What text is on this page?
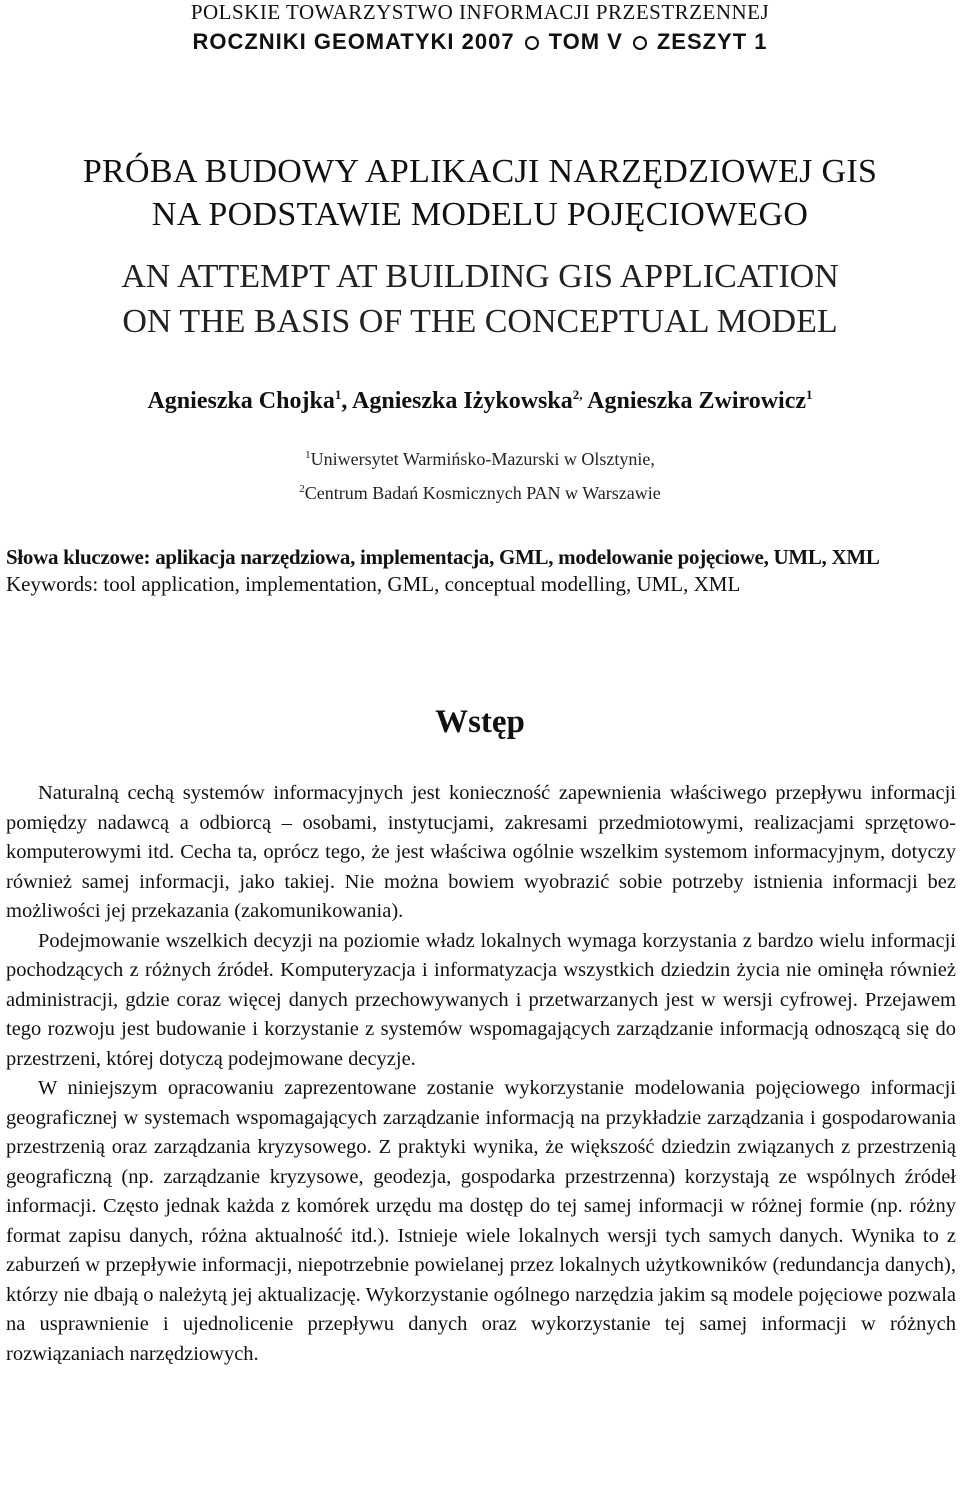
POLSKIE TOWARZYSTWO INFORMACJI PRZESTRZENNEJ
ROCZNIKI GEOMATYKI 2007 TOM V ZESZYT 1
PRÓBA BUDOWY APLIKACJI NARZĘDZIOWEJ GIS
NA PODSTAWIE MODELU POJĘCIOWEGO
AN ATTEMPT AT BUILDING GIS APPLICATION
ON THE BASIS OF THE CONCEPTUAL MODEL
Agnieszka Chojka$^1$, Agnieszka Iżykowska$^{2,}$ Agnieszka Zwirowicz$^1$
$^1$Uniwersytet Warmińsko-Mazurski w Olsztynie,
$^2$Centrum Badań Kosmicznych PAN w Warszawie
Słowa kluczowe: aplikacja narzędziowa, implementacja, GML, modelowanie pojęciowe, UML, XML
Keywords: tool application, implementation, GML, conceptual modelling, UML, XML
Wstęp

Naturalną cechą systemów informacyjnych jest konieczność zapewnienia właściwego przepływu informacji pomiędzy nadawcą a odbiorcą – osobami, instytucjami, zakresami przedmiotowymi, realizacjami sprzętowo-komputerowymi itd. Cecha ta, oprócz tego, że jest właściwa ogólnie wszelkim systemom informacyjnym, dotyczy również samej informacji, jako takiej. Nie można bowiem wyobrazić sobie potrzeby istnienia informacji bez możliwości jej przekazania (zakomunikowania).

Podejmowanie wszelkich decyzji na poziomie władz lokalnych wymaga korzystania z bardzo wielu informacji pochodzących z różnych źródeł. Komputeryzacja i informatyzacja wszystkich dziedzin życia nie ominęła również administracji, gdzie coraz więcej danych przechowywanych i przetwarzanych jest w wersji cyfrowej. Przejawem tego rozwoju jest budowanie i korzystanie z systemów wspomagających zarządzanie informacją odnoszącą się do przestrzeni, której dotyczą podejmowane decyzje.

W niniejszym opracowaniu zaprezentowane zostanie wykorzystanie modelowania pojęciowego informacji geograficznej w systemach wspomagających zarządzanie informacją na przykładzie zarządzania i gospodarowania przestrzenią oraz zarządzania kryzysowego. Z praktyki wynika, że większość dziedzin związanych z przestrzenią geograficzną (np. zarządzanie kryzysowe, geodezja, gospodarka przestrzenna) korzystają ze wspólnych źródeł informacji. Często jednak każda z komórek urzędu ma dostęp do tej samej informacji w różnej formie (np. różny format zapisu danych, różna aktualność itd.). Istnieje wiele lokalnych wersji tych samych danych. Wynika to z zaburzeń w przepływie informacji, niepotrzebnie powielanej przez lokalnych użytkowników (redundancja danych), którzy nie dbają o należytą jej aktualizację. Wykorzystanie ogólnego narzędzia jakim są modele pojęciowe pozwala na usprawnienie i ujednolicenie przepływu danych oraz wykorzystanie tej samej informacji w różnych rozwiązaniach narzędziowych.
